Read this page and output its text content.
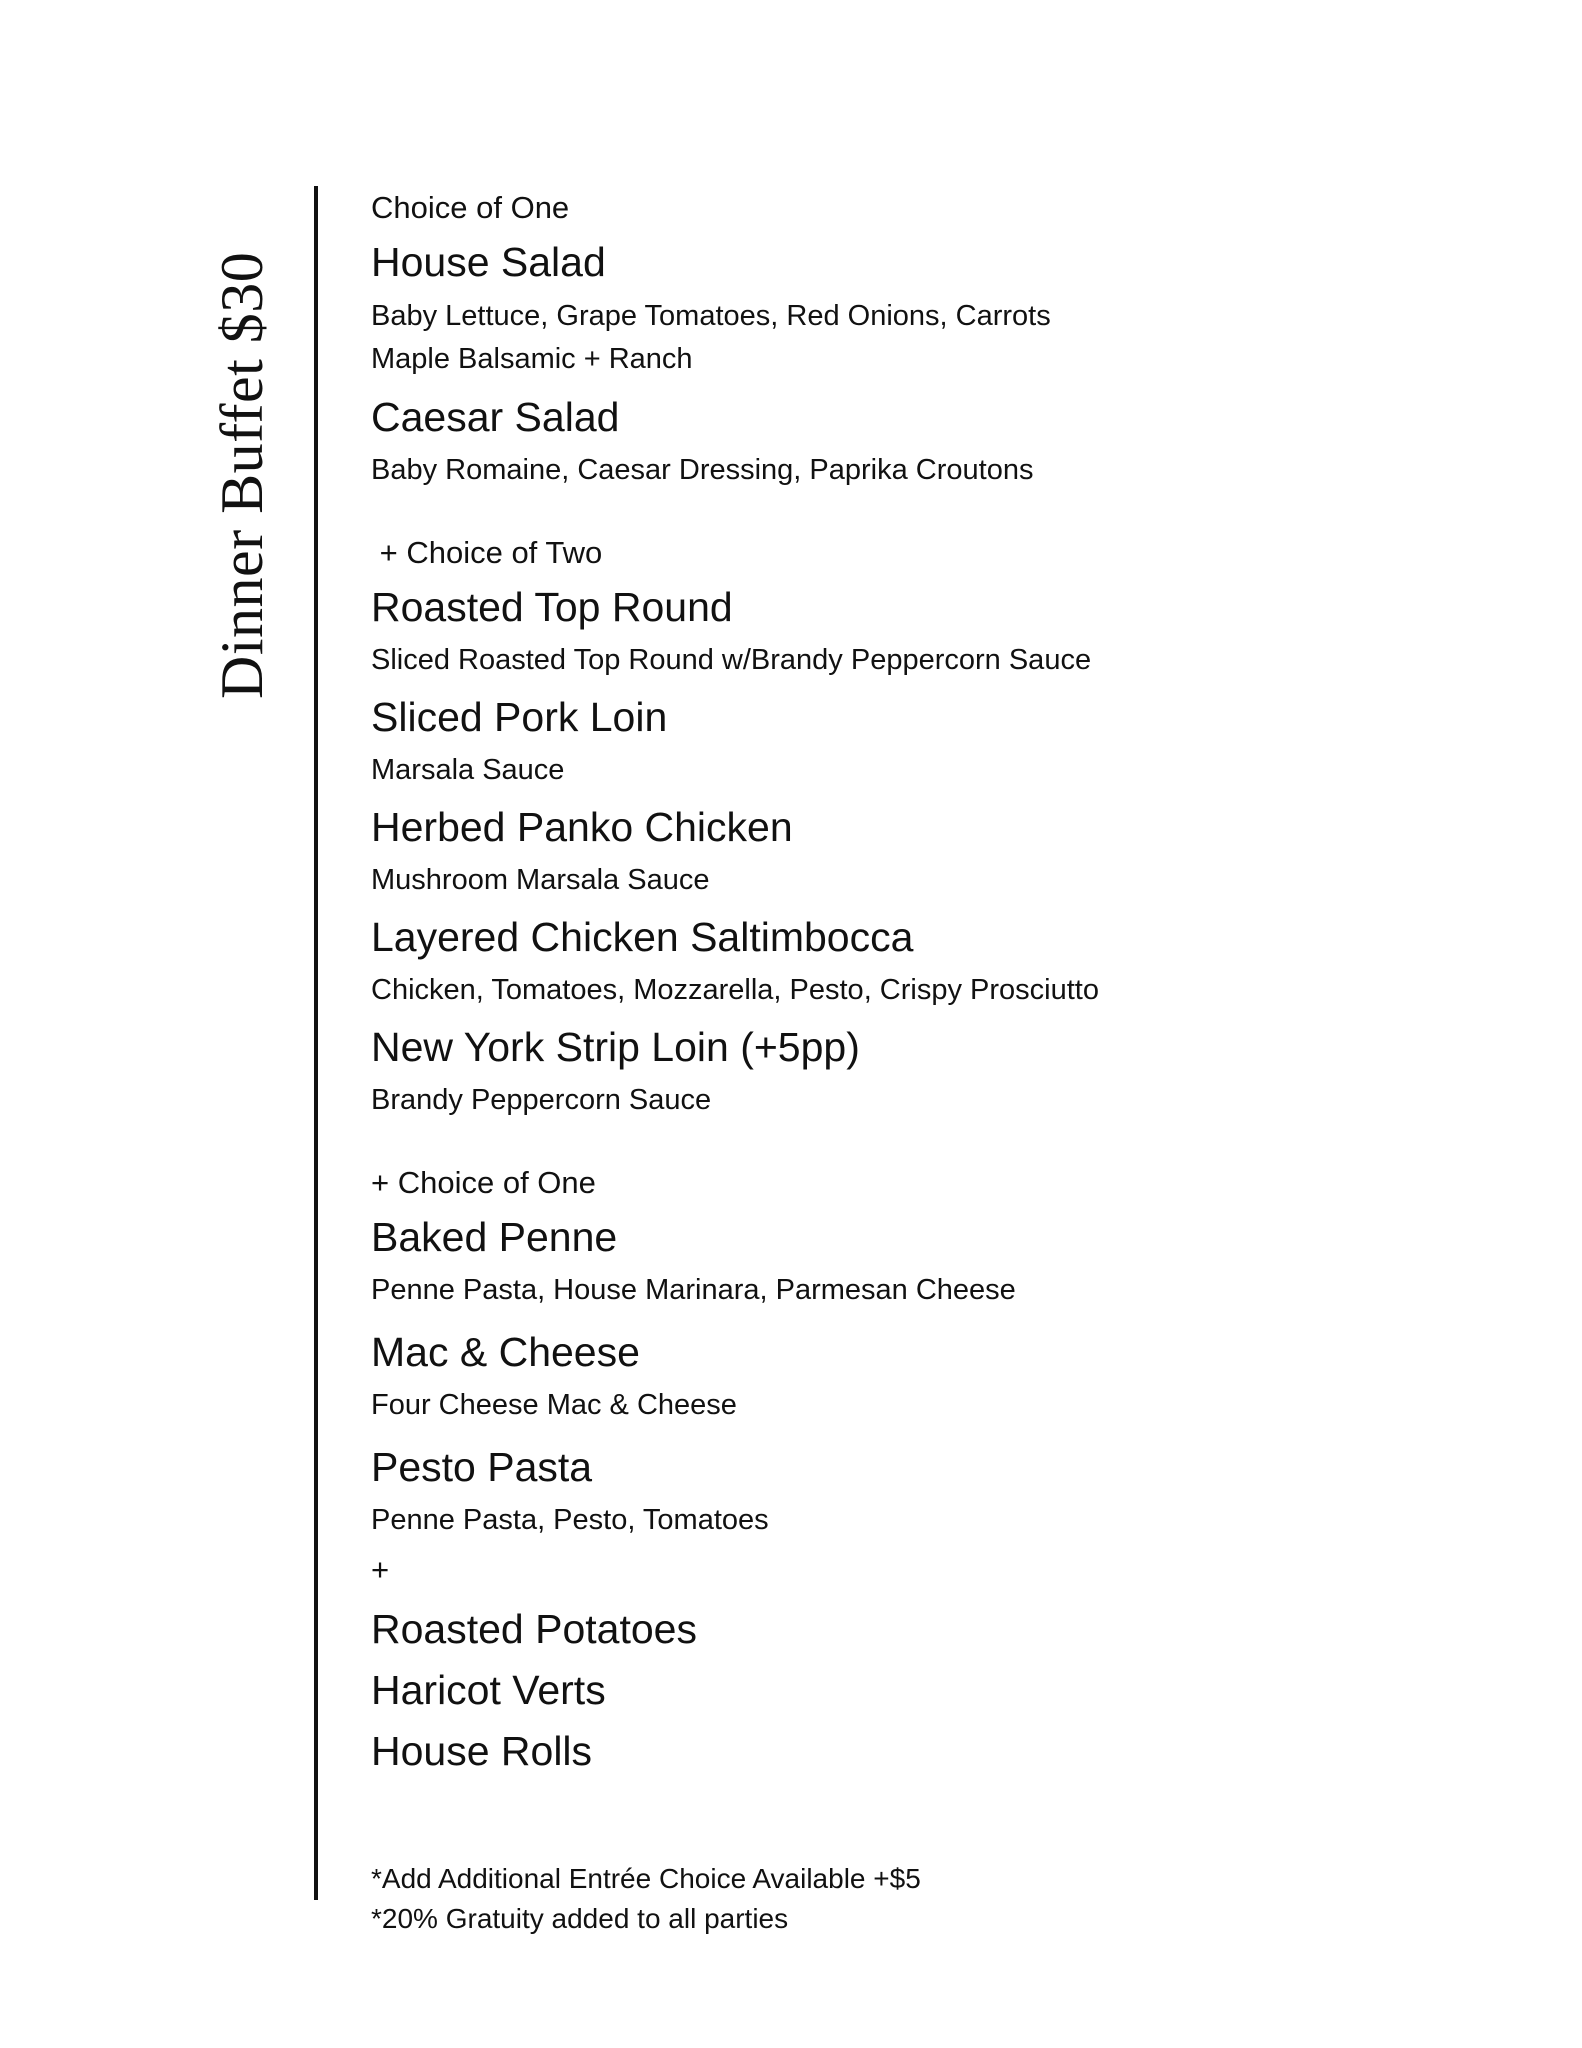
Dinner Buffet $30
Choice of One
House Salad
Baby Lettuce, Grape Tomatoes, Red Onions, Carrots
Maple Balsamic + Ranch
Caesar Salad
Baby Romaine, Caesar Dressing, Paprika Croutons
+ Choice of Two
Roasted Top Round
Sliced Roasted Top Round w/Brandy Peppercorn Sauce
Sliced Pork Loin
Marsala Sauce
Herbed Panko Chicken
Mushroom Marsala Sauce
Layered Chicken Saltimbocca
Chicken, Tomatoes, Mozzarella, Pesto, Crispy Prosciutto
New York Strip Loin (+5pp)
Brandy Peppercorn Sauce
+ Choice of One
Baked Penne
Penne Pasta, House Marinara, Parmesan Cheese
Mac & Cheese
Four Cheese Mac & Cheese
Pesto Pasta
Penne Pasta, Pesto, Tomatoes
+
Roasted Potatoes
Haricot Verts
House Rolls
*Add Additional Entrée Choice Available +$5
*20% Gratuity added to all parties
